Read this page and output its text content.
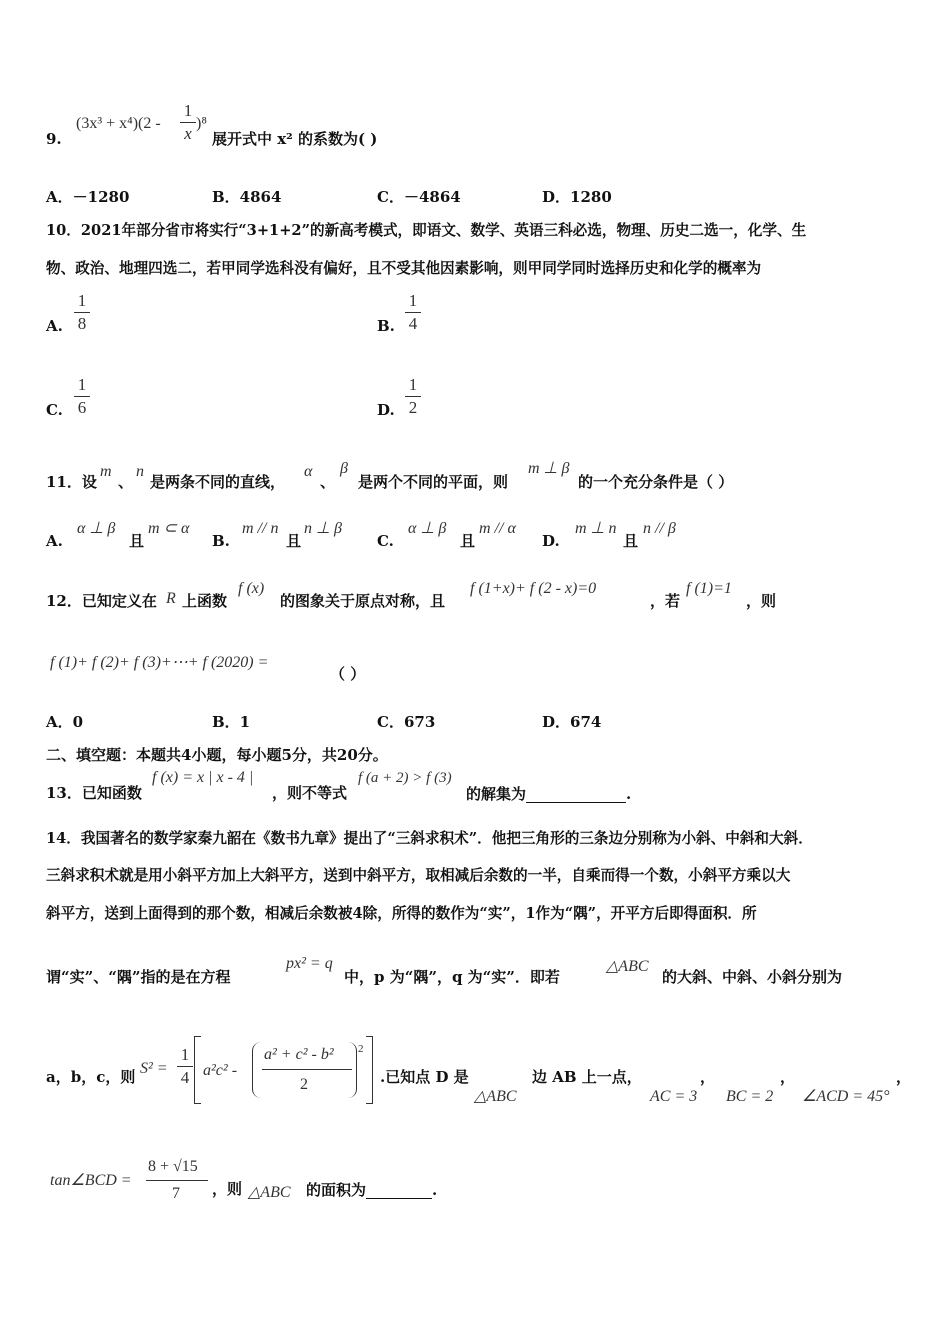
9.
(3x³ + x⁴)(2 -
1
x
)⁸
展开式中 x² 的系数为( )
A．－1280	B．4864	C．－4864	D．1280
10．2021年部分省市将实行“3+1+2”的新高考模式，即语文、数学、英语三科必选，物理、历史二选一，化学、生
物、政治、地理四选二，若甲同学选科没有偏好，且不受其他因素影响，则甲同学同时选择历史和化学的概率为
A.
1
8	B.
1
4
C.
1
6	D.
1
2
11．设
m
、
n
是两条不同的直线，
α
、
β
是两个不同的平面，则
m ⊥ β
的一个充分条件是（ ）
A.
α ⊥ β
且
m ⊂ α
B.
m // n
且
n ⊥ β
C.
α ⊥ β
且
m // α
D.
m ⊥ n
且
n // β
12．已知定义在 R 上函数
f (x)
的图象关于原点对称，且
f (1+x)+ f (2 - x)=0
，若
f (1)=1
，则
f (1)+ f (2)+ f (3)+⋯+ f (2020) =
（ ）
A．0	B．1	C．673	D．674
二、填空题：本题共4小题，每小题5分，共20分。
13．已知函数
f (x) = x | x - 4 |
，则不等式
f (a + 2) > f (3)
的解集为	.
14．我国著名的数学家秦九韶在《数书九章》提出了“三斜求积术”．他把三角形的三条边分别称为小斜、中斜和大斜．
三斜求积术就是用小斜平方加上大斜平方，送到中斜平方，取相减后余数的一半，自乘而得一个数，小斜平方乘以大
斜平方，送到上面得到的那个数，相减后余数被4除，所得的数作为“实”，1作为“隅”，开平方后即得面积．所
谓“实”、“隅”指的是在方程
px² = q
中，p 为“隅”，q 为“实”．即若
△ABC
的大斜、中斜、小斜分别为
a，b，c，则 S² =
1
4 a²c² -
a² + c² - b²
2
2
.已知点 D 是
△ABC
边 AB 上一点，	，
AC = 3
，
BC = 2
，
∠ACD = 45°
tan∠BCD =
8 + √15
7 ，则 △ABC 的面积为	.
